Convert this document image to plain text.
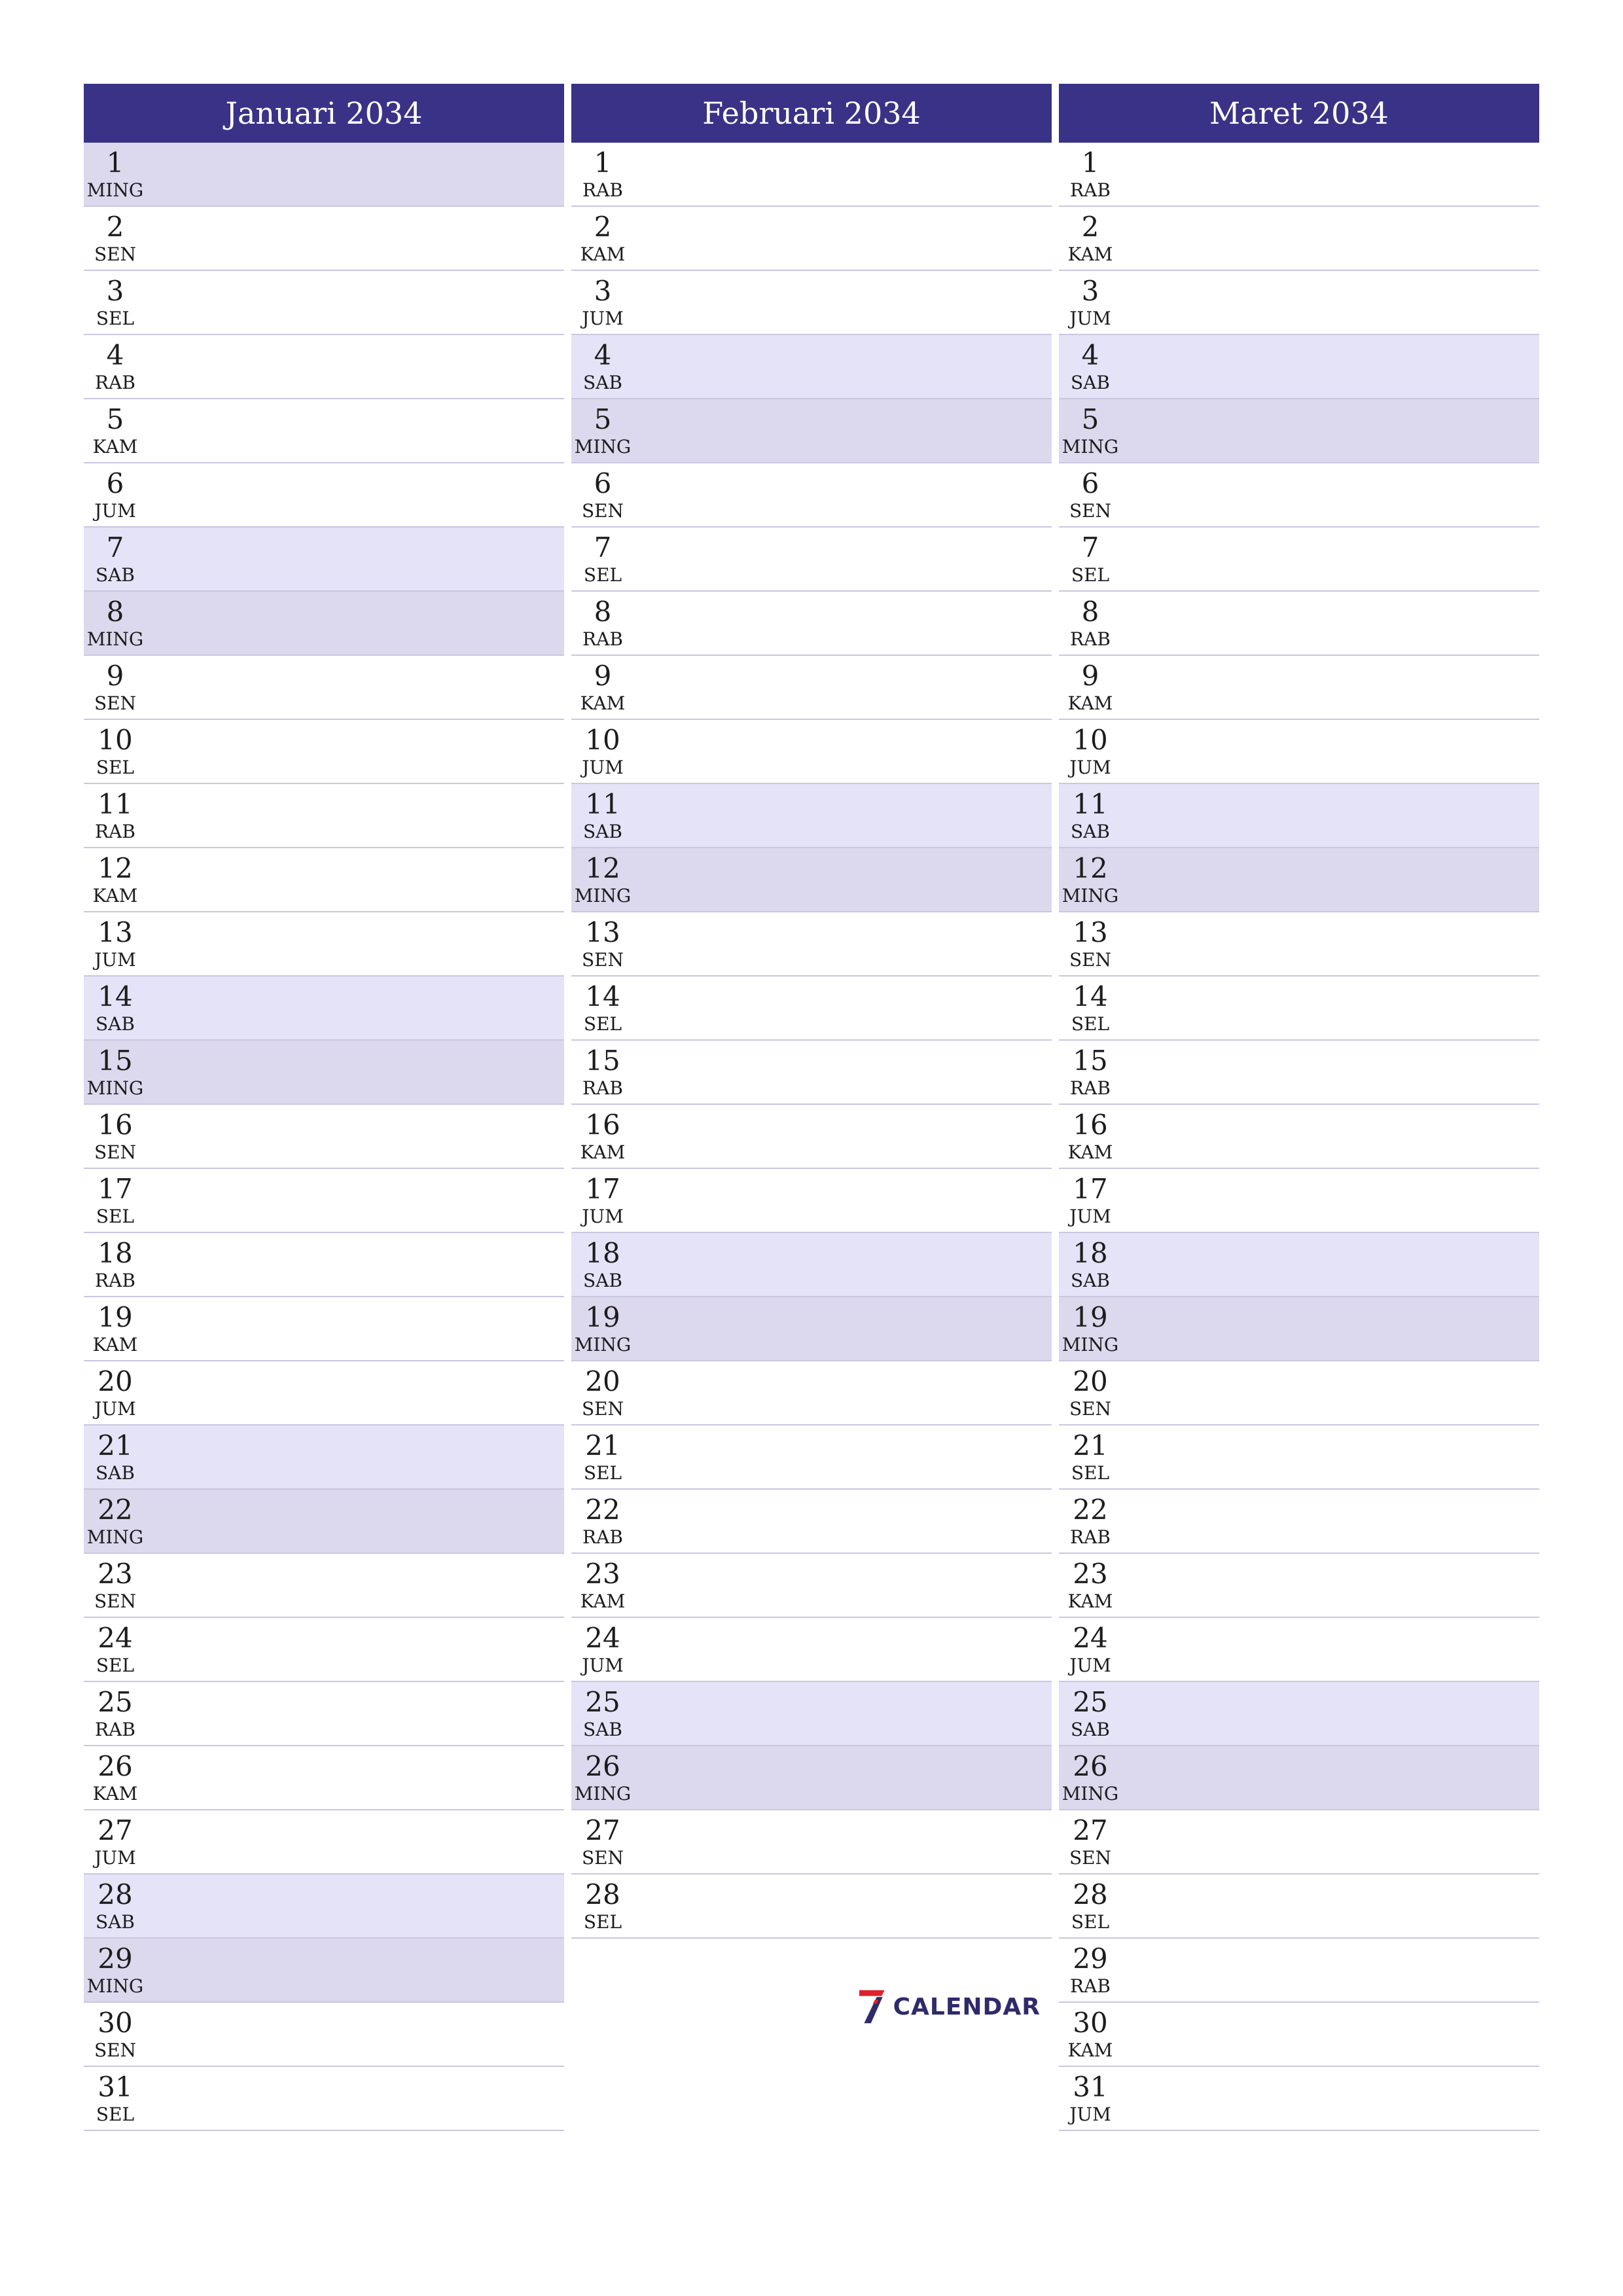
Januari 2034
1
MING
2
SEN
3
SEL
4
RAB
5
KAM
6
JUM
7
SAB
8
MING
9
SEN
10
SEL
11
RAB
12
KAM
13
JUM
14
SAB
15
MING
16
SEN
17
SEL
18
RAB
19
KAM
20
JUM
21
SAB
22
MING
23
SEN
24
SEL
25
RAB
26
KAM
27
JUM
28
SAB
29
MING
30
SEN
31
SEL
Februari 2034
1
RAB
2
KAM
3
JUM
4
SAB
5
MING
6
SEN
7
SEL
8
RAB
9
KAM
10
JUM
11
SAB
12
MING
13
SEN
14
SEL
15
RAB
16
KAM
17
JUM
18
SAB
19
MING
20
SEN
21
SEL
22
RAB
23
KAM
24
JUM
25
SAB
26
MING
27
SEN
28
SEL
Maret 2034
1
RAB
2
KAM
3
JUM
4
SAB
5
MING
6
SEN
7
SEL
8
RAB
9
KAM
10
JUM
11
SAB
12
MING
13
SEN
14
SEL
15
RAB
16
KAM
17
JUM
18
SAB
19
MING
20
SEN
21
SEL
22
RAB
23
KAM
24
JUM
25
SAB
26
MING
27
SEN
28
SEL
29
RAB
30
KAM
31
JUM
CALENDAR
